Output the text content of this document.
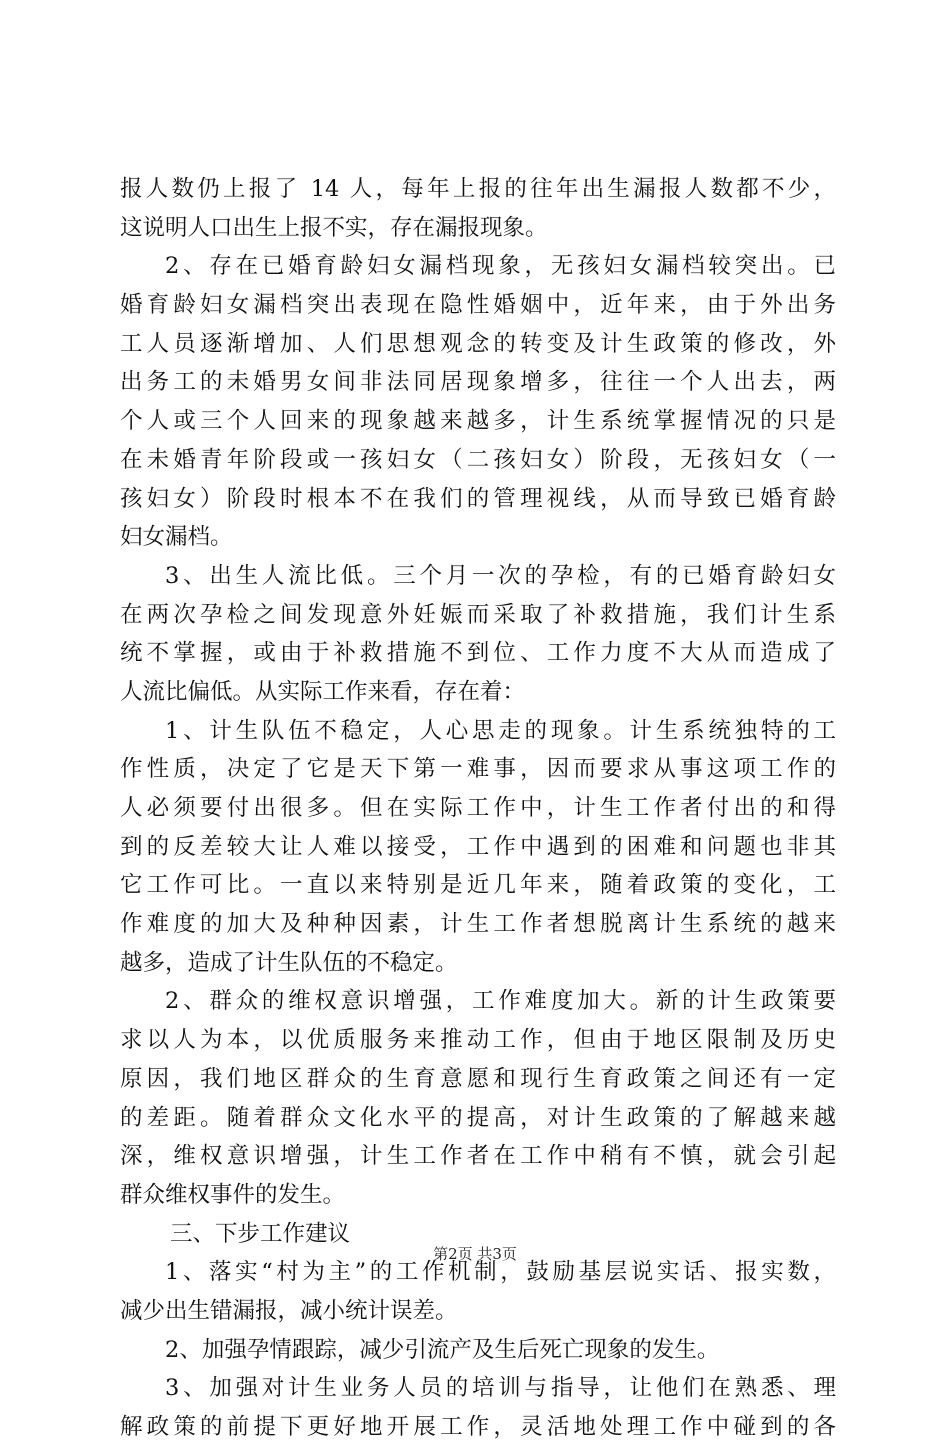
报人数仍上报了 14 人，每年上报的往年出生漏报人数都不少，
这说明人口出生上报不实，存在漏报现象。
2、存在已婚育龄妇女漏档现象，无孩妇女漏档较突出。已
婚育龄妇女漏档突出表现在隐性婚姻中，近年来，由于外出务
工人员逐渐增加、人们思想观念的转变及计生政策的修改，外
出务工的未婚男女间非法同居现象增多，往往一个人出去，两
个人或三个人回来的现象越来越多，计生系统掌握情况的只是
在未婚青年阶段或一孩妇女（二孩妇女）阶段，无孩妇女（一
孩妇女）阶段时根本不在我们的管理视线，从而导致已婚育龄
妇女漏档。
3、出生人流比低。三个月一次的孕检，有的已婚育龄妇女
在两次孕检之间发现意外妊娠而采取了补救措施，我们计生系
统不掌握，或由于补救措施不到位、工作力度不大从而造成了
人流比偏低。从实际工作来看，存在着：
1、计生队伍不稳定，人心思走的现象。计生系统独特的工
作性质，决定了它是天下第一难事，因而要求从事这项工作的
人必须要付出很多。但在实际工作中，计生工作者付出的和得
到的反差较大让人难以接受，工作中遇到的困难和问题也非其
它工作可比。一直以来特别是近几年来，随着政策的变化，工
作难度的加大及种种因素，计生工作者想脱离计生系统的越来
越多，造成了计生队伍的不稳定。
2、群众的维权意识增强，工作难度加大。新的计生政策要
求以人为本，以优质服务来推动工作，但由于地区限制及历史
原因，我们地区群众的生育意愿和现行生育政策之间还有一定
的差距。随着群众文化水平的提高，对计生政策的了解越来越
深，维权意识增强，计生工作者在工作中稍有不慎，就会引起
群众维权事件的发生。
三、下步工作建议
1、落实“村为主”的工作机制，鼓励基层说实话、报实数，
减少出生错漏报，减小统计误差。
2、加强孕情跟踪，减少引流产及生后死亡现象的发生。
3、加强对计生业务人员的培训与指导，让他们在熟悉、理
解政策的前提下更好地开展工作，灵活地处理工作中碰到的各
第2页 共3页
